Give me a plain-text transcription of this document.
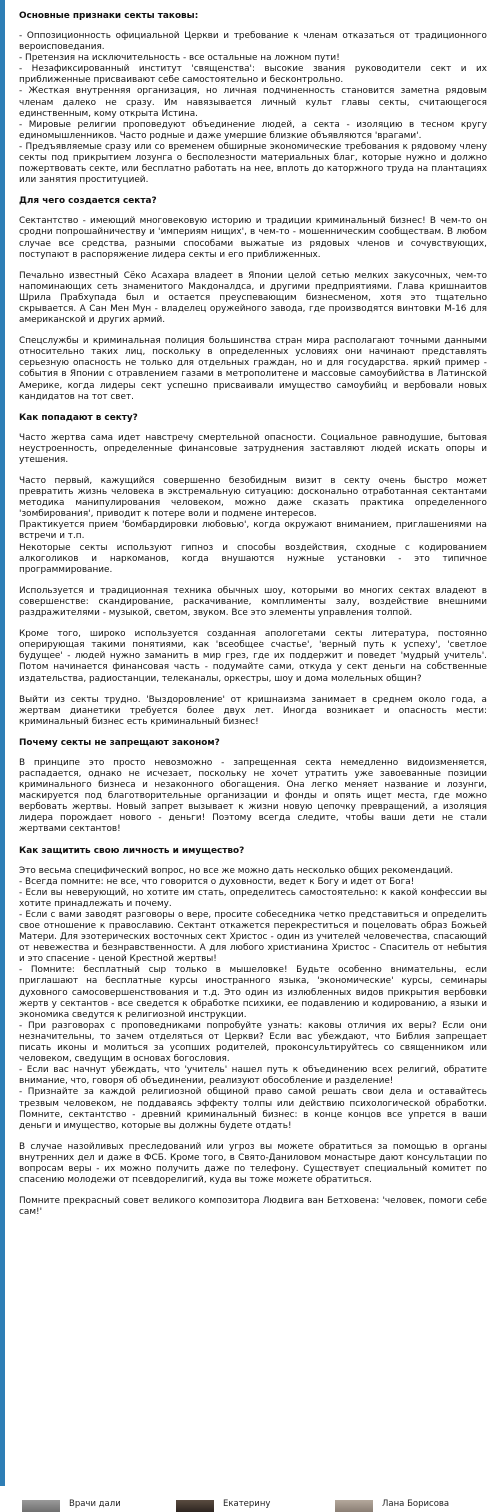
Основные признаки секты таковы:
- Оппозиционность официальной Церкви и требование к членам отказаться от традиционного вероисповедания.
- Претензия на исключительность - все остальные на ложном пути!
- Незафиксированный институт 'священства': высокие звания руководители сект и их приближенные присваивают себе самостоятельно и бесконтрольно.
- Жесткая внутренняя организация, но личная подчиненность становится заметна рядовым членам далеко не сразу. Им навязывается личный культ главы секты, считающегося единственным, кому открыта Истина.
- Мировые религии проповедуют объединение людей, а секта - изоляцию в тесном кругу единомышленников. Часто родные и даже умершие близкие объявляются 'врагами'.
- Предъявляемые сразу или со временем обширные экономические требования к рядовому члену секты под прикрытием лозунга о бесполезности материальных благ, которые нужно и должно пожертвовать секте, или бесплатно работать на нее, вплоть до каторжного труда на плантациях или занятия проституцией.
Для чего создается секта?
Сектантство - имеющий многовековую историю и традиции криминальный бизнес! В чем-то он сродни попрошайничеству и 'империям нищих', в чем-то - мошенническим сообществам. В любом случае все средства, разными способами выжатые из рядовых членов и сочувствующих, поступают в распоряжение лидера секты и его приближенных.
Печально известный Сёко Асахара владеет в Японии целой сетью мелких закусочных, чем-то напоминающих сеть знаменитого Макдоналдса, и другими предприятиями. Глава кришнаитов Шрила Прабхупада был и остается преуспевающим бизнесменом, хотя это тщательно скрывается. А Сан Мен Мун - владелец оружейного завода, где производятся винтовки М-16 для американской и других армий.
Спецслужбы и криминальная полиция большинства стран мира располагают точными данными относительно таких лиц, поскольку в определенных условиях они начинают представлять серьезную опасность не только для отдельных граждан, но и для государства. яркий пример - события в Японии с отравлением газами в метрополитене и массовые самоубийства в Латинской Америке, когда лидеры сект успешно присваивали имущество самоубийц и вербовали новых кандидатов на тот свет.
Как попадают в секту?
Часто жертва сама идет навстречу смертельной опасности. Социальное равнодушие, бытовая неустроенность, определенные финансовые затруднения заставляют людей искать опоры и утешения.
Часто первый, кажущийся совершенно безобидным визит в секту очень быстро может превратить жизнь человека в экстремальную ситуацию: досконально отработанная сектантами методика манипулирования человеком, можно даже сказать практика определенного 'зомбирования', приводит к потере воли и подмене интересов.
Практикуется прием 'бомбардировки любовью', когда окружают вниманием, приглашениями на встречи и т.п.
Некоторые секты используют гипноз и способы воздействия, сходные с кодированием алкоголиков и наркоманов, когда внушаются нужные установки - это типичное программирование.
Используется и традиционная техника обычных шоу, которыми во многих сектах владеют в совершенстве: скандирование, раскачивание, комплименты залу, воздействие внешними раздражителями - музыкой, светом, звуком. Все это элементы управления толпой.
Кроме того, широко используется созданная апологетами секты литература, постоянно оперирующая такими понятиями, как 'всеобщее счастье', 'верный путь к успеху', 'светлое будущее' - людей нужно заманить в мир грез, где их поддержит и поведет 'мудрый учитель'. Потом начинается финансовая часть - подумайте сами, откуда у сект деньги на собственные издательства, радиостанции, телеканалы, оркестры, шоу и дома молельных общин?
Выйти из секты трудно. 'Выздоровление' от кришнаизма занимает в среднем около года, а жертвам дианетики требуется более двух лет. Иногда возникает и опасность мести: криминальный бизнес есть криминальный бизнес!
Почему секты не запрещают законом?
В принципе это просто невозможно - запрещенная секта немедленно видоизменяется, распадается, однако не исчезает, поскольку не хочет утратить уже завоеванные позиции криминального бизнеса и незаконного обогащения. Она легко меняет название и лозунги, маскируется под благотворительные организации и фонды и опять ищет места, где можно вербовать жертвы. Новый запрет вызывает к жизни новую цепочку превращений, а изоляция лидера порождает нового - деньги! Поэтому всегда следите, чтобы ваши дети не стали жертвами сектантов!
Как защитить свою личность и имущество?
Это весьма специфический вопрос, но все же можно дать несколько общих рекомендаций.
- Всегда помните: не все, что говорится о духовности, ведет к Богу и идет от Бога!
- Если вы неверующий, но хотите им стать, определитесь самостоятельно: к какой конфессии вы хотите принадлежать и почему.
- Если с вами заводят разговоры о вере, просите собеседника четко представиться и определить свое отношение к православию. Сектант откажется перекреститься и поцеловать образ Божьей Матери. Для эзотерических восточных сект Христос - один из учителей человечества, спасающий от невежества и безнравственности. А для любого христианина Христос - Спаситель от небытия и это спасение - ценой Крестной жертвы!
- Помните: бесплатный сыр только в мышеловке! Будьте особенно внимательны, если приглашают на бесплатные курсы иностранного языка, 'экономические' курсы, семинары духовного самосовершенствования и т.д. Это один из излюбленных видов прикрытия вербовки жертв у сектантов - все сведется к обработке психики, ее подавлению и кодированию, а языки и экономика сведутся к религиозной инструкции.
- При разговорах с проповедниками попробуйте узнать: каковы отличия их веры? Если они незначительны, то зачем отделяться от Церкви? Если вас убеждают, что Библия запрещает писать иконы и молиться за усопших родителей, проконсультируйтесь со священником или человеком, сведущим в основах богословия.
- Если вас начнут убеждать, что 'учитель' нашел путь к объединению всех религий, обратите внимание, что, говоря об объединении, реализуют обособление и разделение!
- Признайте за каждой религиозной общиной право самой решать свои дела и оставайтесь трезвым человеком, не поддаваясь эффекту толпы или действию психологической обработки. Помните, сектантство - древний криминальный бизнес: в конце концов все упрется в ваши деньги и имущество, которые вы должны будете отдать!
В случае назойливых преследований или угроз вы можете обратиться за помощью в органы внутренних дел и даже в ФСБ. Кроме того, в Свято-Даниловом монастыре дают консультации по вопросам веры - их можно получить даже по телефону. Существует специальный комитет по спасению молодежи от псевдорелигий, куда вы тоже можете обратиться.
Помните прекрасный совет великого композитора Людвига ван Бетховена: 'человек, помоги себе сам!'
Врачи дали	Екатерину	Лана Борисова
